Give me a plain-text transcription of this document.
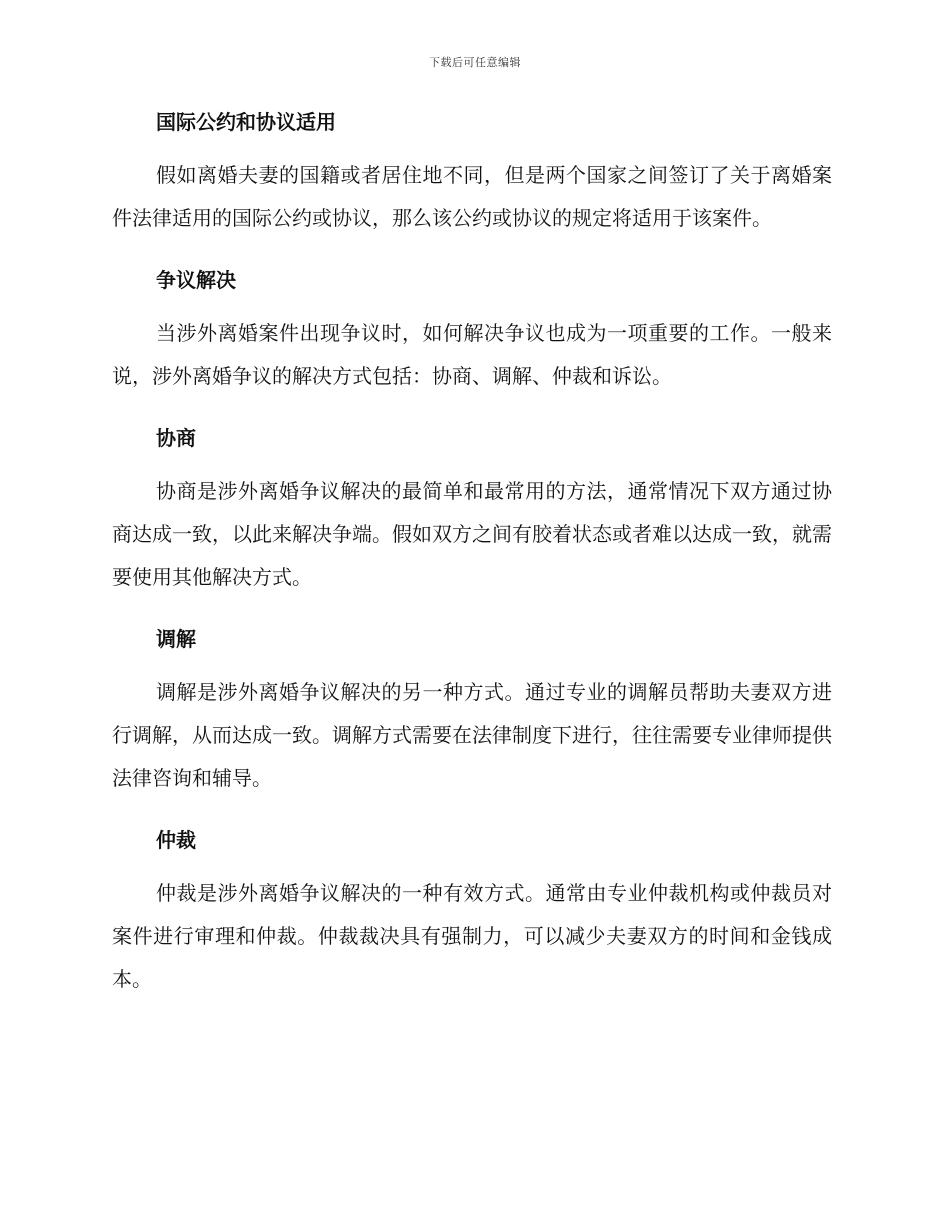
下载后可任意编辑
国际公约和协议适用

假如离婚夫妻的国籍或者居住地不同，但是两个国家之间签订了关于离婚案件法律适用的国际公约或协议，那么该公约或协议的规定将适用于该案件。

争议解决

当涉外离婚案件出现争议时，如何解决争议也成为一项重要的工作。一般来说，涉外离婚争议的解决方式包括：协商、调解、仲裁和诉讼。

协商

协商是涉外离婚争议解决的最简单和最常用的方法，通常情况下双方通过协商达成一致，以此来解决争端。假如双方之间有胶着状态或者难以达成一致，就需要使用其他解决方式。

调解

调解是涉外离婚争议解决的另一种方式。通过专业的调解员帮助夫妻双方进行调解，从而达成一致。调解方式需要在法律制度下进行，往往需要专业律师提供法律咨询和辅导。

仲裁

仲裁是涉外离婚争议解决的一种有效方式。通常由专业仲裁机构或仲裁员对案件进行审理和仲裁。仲裁裁决具有强制力，可以减少夫妻双方的时间和金钱成本。
